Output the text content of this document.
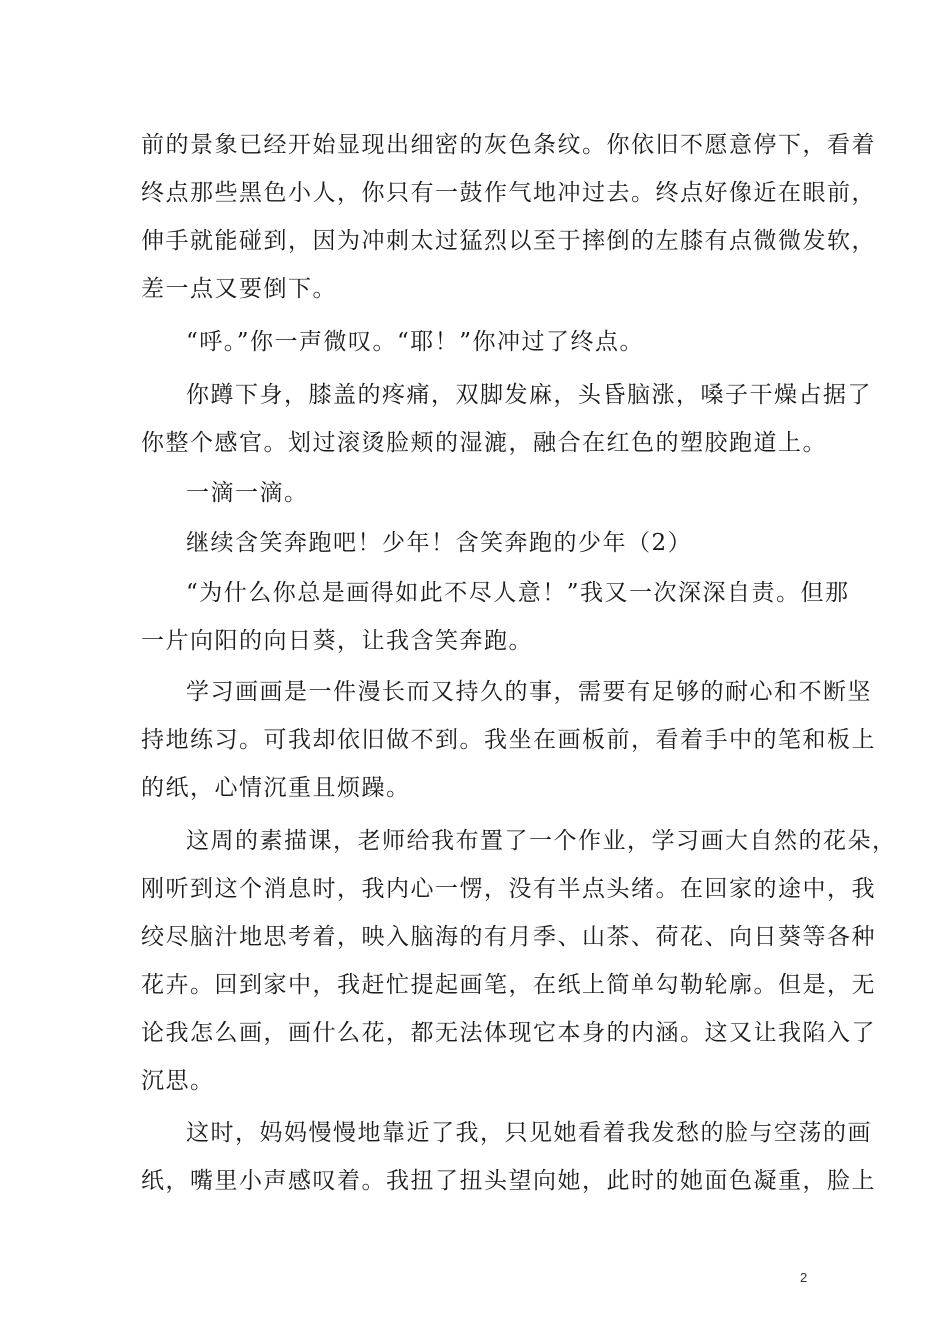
前的景象已经开始显现出细密的灰色条纹。你依旧不愿意停下，看着
终点那些黑色小人，你只有一鼓作气地冲过去。终点好像近在眼前，
伸手就能碰到，因为冲刺太过猛烈以至于摔倒的左膝有点微微发软，
差一点又要倒下。
“呼。”你一声微叹。“耶！”你冲过了终点。
你蹲下身，膝盖的疼痛，双脚发麻，头昏脑涨，嗓子干燥占据了
你整个感官。划过滚烫脸颊的湿漉，融合在红色的塑胶跑道上。
一滴一滴。
继续含笑奔跑吧！少年！含笑奔跑的少年（2）
“为什么你总是画得如此不尽人意！”我又一次深深自责。但那
一片向阳的向日葵，让我含笑奔跑。
学习画画是一件漫长而又持久的事，需要有足够的耐心和不断坚
持地练习。可我却依旧做不到。我坐在画板前，看着手中的笔和板上
的纸，心情沉重且烦躁。
这周的素描课，老师给我布置了一个作业，学习画大自然的花朵，
刚听到这个消息时，我内心一愣，没有半点头绪。在回家的途中，我
绞尽脑汁地思考着，映入脑海的有月季、山茶、荷花、向日葵等各种
花卉。回到家中，我赶忙提起画笔，在纸上简单勾勒轮廓。但是，无
论我怎么画，画什么花，都无法体现它本身的内涵。这又让我陷入了
沉思。
这时，妈妈慢慢地靠近了我，只见她看着我发愁的脸与空荡的画
纸，嘴里小声感叹着。我扭了扭头望向她，此时的她面色凝重，脸上
2
